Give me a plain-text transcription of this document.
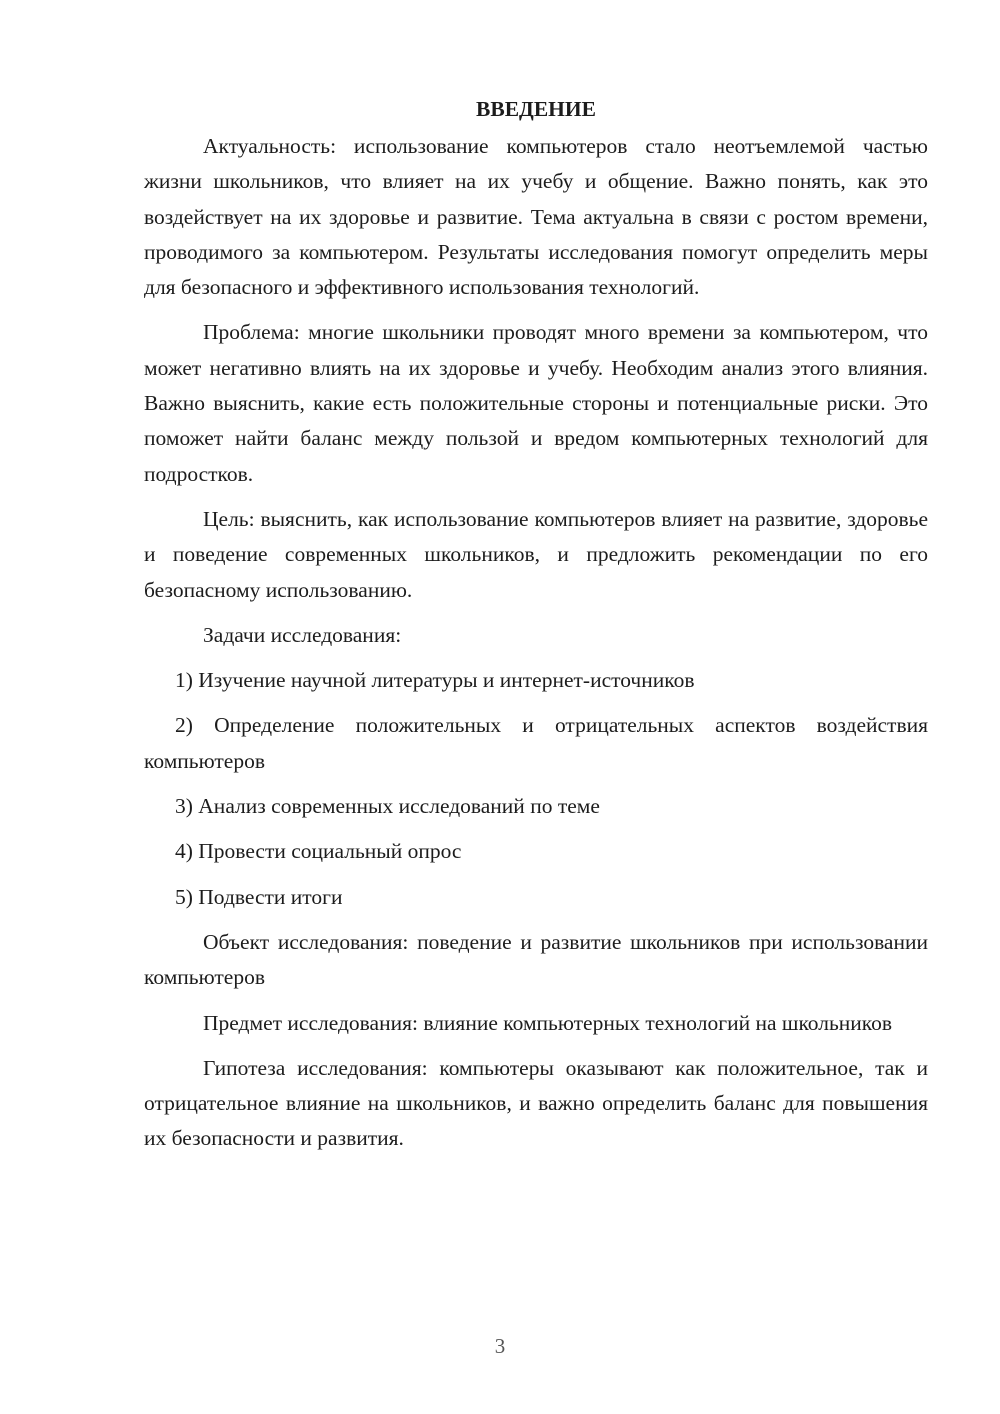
ВВЕДЕНИЕ

Актуальность: использование компьютеров стало неотъемлемой частью жизни школьников, что влияет на их учебу и общение. Важно понять, как это воздействует на их здоровье и развитие. Тема актуальна в связи с ростом времени, проводимого за компьютером. Результаты исследования помогут определить меры для безопасного и эффективного использования технологий.

Проблема: многие школьники проводят много времени за компьютером, что может негативно влиять на их здоровье и учебу. Необходим анализ этого влияния. Важно выяснить, какие есть положительные стороны и потенциальные риски. Это поможет найти баланс между пользой и вредом компьютерных технологий для подростков.

Цель: выяснить, как использование компьютеров влияет на развитие, здоровье и поведение современных школьников, и предложить рекомендации по его безопасному использованию.

Задачи исследования:

1) Изучение научной литературы и интернет-источников

2) Определение положительных и отрицательных аспектов воздействия компьютеров

3) Анализ современных исследований по теме

4) Провести социальный опрос

5) Подвести итоги

Объект исследования: поведение и развитие школьников при использовании компьютеров

Предмет исследования: влияние компьютерных технологий на школьников

Гипотеза исследования: компьютеры оказывают как положительное, так и отрицательное влияние на школьников, и важно определить баланс для повышения их безопасности и развития.

3
